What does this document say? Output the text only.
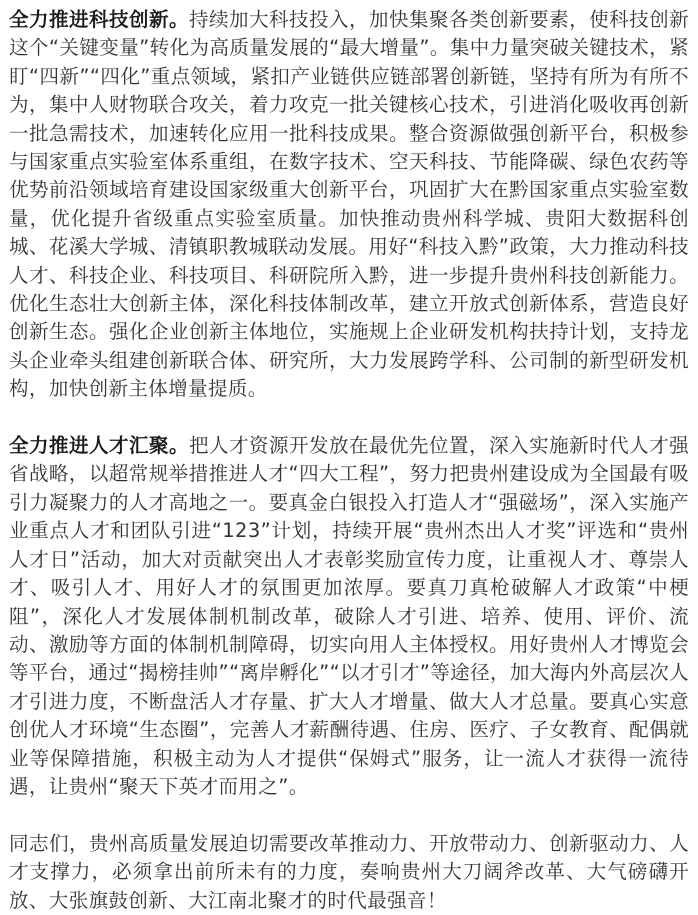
全力推进科技创新。持续加大科技投入，加快集聚各类创新要素，使科技创新这个“关键变量”转化为高质量发展的“最大增量”。集中力量突破关键技术，紧盯“四新”“四化”重点领域，紧扣产业链供应链部署创新链，坚持有所为有所不为，集中人财物联合攻关，着力攻克一批关键核心技术，引进消化吸收再创新一批急需技术，加速转化应用一批科技成果。整合资源做强创新平台，积极参与国家重点实验室体系重组，在数字技术、空天科技、节能降碳、绿色农药等优势前沿领域培育建设国家级重大创新平台，巩固扩大在黔国家重点实验室数量，优化提升省级重点实验室质量。加快推动贵州科学城、贵阳大数据科创城、花溪大学城、清镇职教城联动发展。用好“科技入黔”政策，大力推动科技人才、科技企业、科技项目、科研院所入黔，进一步提升贵州科技创新能力。优化生态壮大创新主体，深化科技体制改革，建立开放式创新体系，营造良好创新生态。强化企业创新主体地位，实施规上企业研发机构扶持计划，支持龙头企业牵头组建创新联合体、研究所，大力发展跨学科、公司制的新型研发机构，加快创新主体增量提质。

全力推进人才汇聚。把人才资源开发放在最优先位置，深入实施新时代人才强省战略，以超常规举措推进人才“四大工程”，努力把贵州建设成为全国最有吸引力凝聚力的人才高地之一。要真金白银投入打造人才“强磁场”，深入实施产业重点人才和团队引进“123”计划，持续开展“贵州杰出人才奖”评选和“贵州人才日”活动，加大对贡献突出人才表彰奖励宣传力度，让重视人才、尊崇人才、吸引人才、用好人才的氛围更加浓厚。要真刀真枪破解人才政策“中梗阻”，深化人才发展体制机制改革，破除人才引进、培养、使用、评价、流动、激励等方面的体制机制障碍，切实向用人主体授权。用好贵州人才博览会等平台，通过“揭榜挂帅”“离岸孵化”“以才引才”等途径，加大海内外高层次人才引进力度，不断盘活人才存量、扩大人才增量、做大人才总量。要真心实意创优人才环境“生态圈”，完善人才薪酬待遇、住房、医疗、子女教育、配偶就业等保障措施，积极主动为人才提供“保姆式”服务，让一流人才获得一流待遇，让贵州“聚天下英才而用之”。

同志们，贵州高质量发展迫切需要改革推动力、开放带动力、创新驱动力、人才支撑力，必须拿出前所未有的力度，奏响贵州大刀阔斧改革、大气磅礴开放、大张旗鼓创新、大江南北聚才的时代最强音！
